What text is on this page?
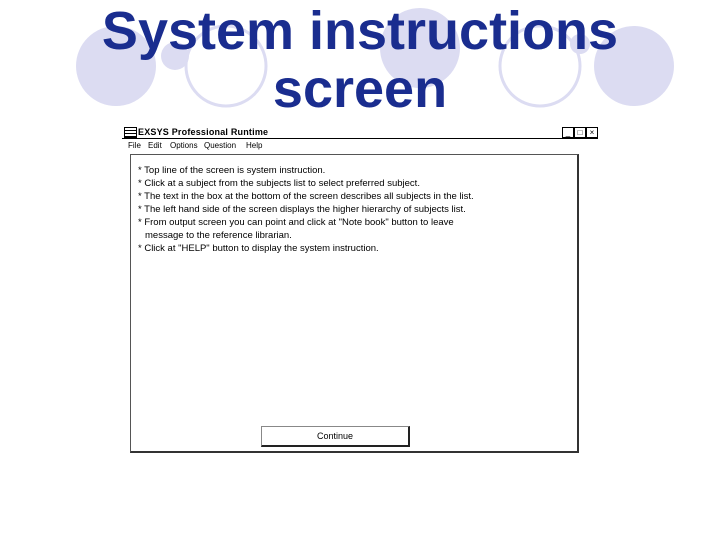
System instructions
screen
EXSYS Professional Runtime	_ □ ×
File Edit Options Question Help
* Top line of the screen is system instruction.
* Click at a subject from the subjects list to select preferred subject.
* The text in the box at the bottom of the screen describes all subjects in the list.
* The left hand side of the screen displays the higher hierarchy of subjects list.
* From output screen you can point and click at "Note book" button to leave
message to the reference librarian.
* Click at "HELP" button to display the system instruction.
Continue
